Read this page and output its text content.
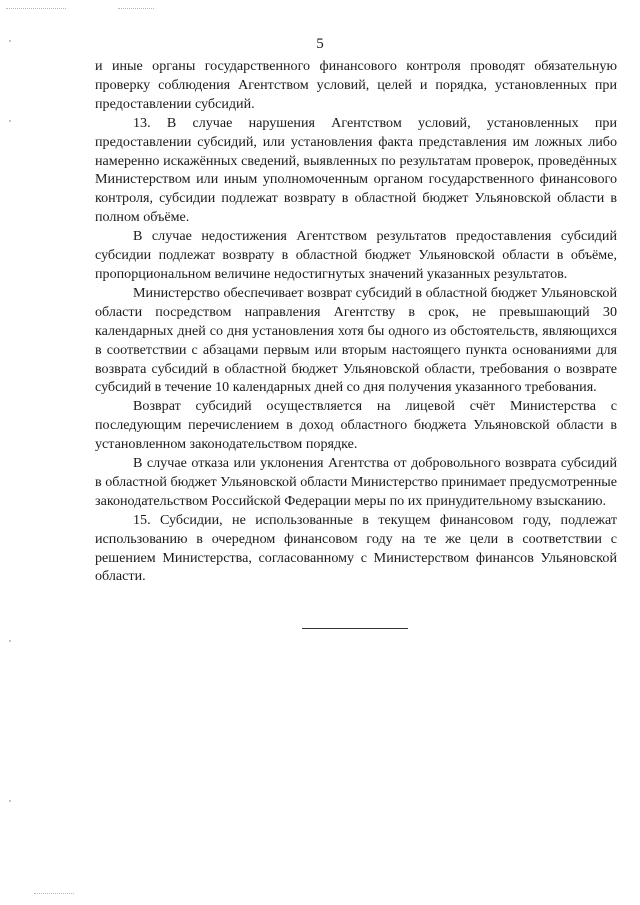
5

и иные органы государственного финансового контроля проводят обязательную проверку соблюдения Агентством условий, целей и порядка, установленных при предоставлении субсидий.

13. В случае нарушения Агентством условий, установленных при предоставлении субсидий, или установления факта представления им ложных либо намеренно искажённых сведений, выявленных по результатам проверок, проведённых Министерством или иным уполномоченным органом государственного финансового контроля, субсидии подлежат возврату в областной бюджет Ульяновской области в полном объёме.

В случае недостижения Агентством результатов предоставления субсидий субсидии подлежат возврату в областной бюджет Ульяновской области в объёме, пропорциональном величине недостигнутых значений указанных результатов.

Министерство обеспечивает возврат субсидий в областной бюджет Ульяновской области посредством направления Агентству в срок, не превышающий 30 календарных дней со дня установления хотя бы одного из обстоятельств, являющихся в соответствии с абзацами первым или вторым настоящего пункта основаниями для возврата субсидий в областной бюджет Ульяновской области, требования о возврате субсидий в течение 10 календарных дней со дня получения указанного требования.

Возврат субсидий осуществляется на лицевой счёт Министерства с последующим перечислением в доход областного бюджета Ульяновской области в установленном законодательством порядке.

В случае отказа или уклонения Агентства от добровольного возврата субсидий в областной бюджет Ульяновской области Министерство принимает предусмотренные законодательством Российской Федерации меры по их принудительному взысканию.

15. Субсидии, не использованные в текущем финансовом году, подлежат использованию в очередном финансовом году на те же цели в соответствии с решением Министерства, согласованному с Министерством финансов Ульяновской области.
